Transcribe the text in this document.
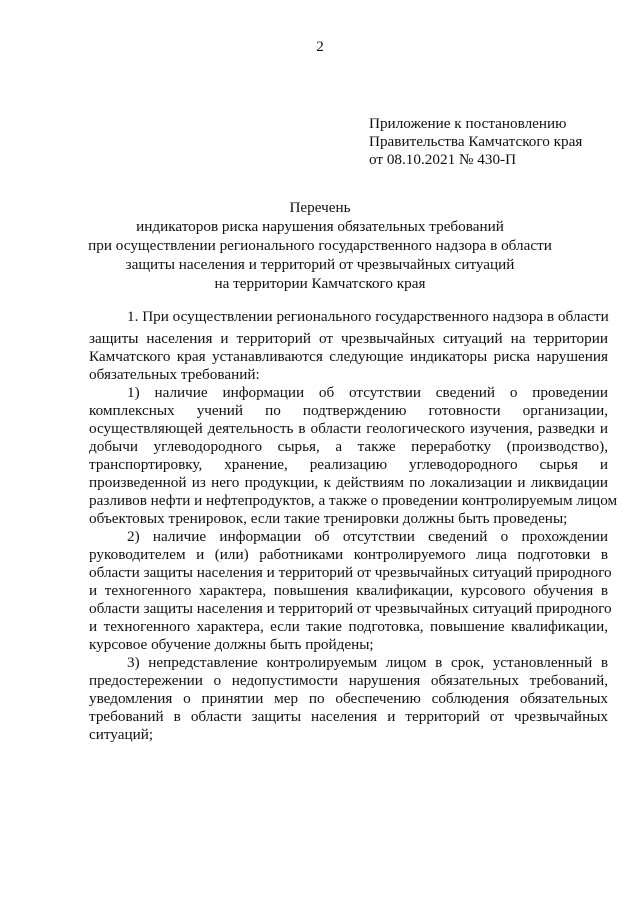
2
Приложение к постановлению
Правительства Камчатского края
от 08.10.2021 № 430-П
Перечень
индикаторов риска нарушения обязательных требований
при осуществлении регионального государственного надзора в области
защиты населения и территорий от чрезвычайных ситуаций
на территории Камчатского края
1. При осуществлении регионального государственного надзора в области
защиты населения и территорий от чрезвычайных ситуаций на территории
Камчатского края устанавливаются следующие индикаторы риска нарушения
обязательных требований:
1) наличие информации об отсутствии сведений о проведении
комплексных учений по подтверждению готовности организации,
осуществляющей деятельность в области геологического изучения, разведки и
добычи углеводородного сырья, а также переработку (производство),
транспортировку, хранение, реализацию углеводородного сырья и
произведенной из него продукции, к действиям по локализации и ликвидации
разливов нефти и нефтепродуктов, а также о проведении контролируемым лицом
объектовых тренировок, если такие тренировки должны быть проведены;
2) наличие информации об отсутствии сведений о прохождении
руководителем и (или) работниками контролируемого лица подготовки в
области защиты населения и территорий от чрезвычайных ситуаций природного
и техногенного характера, повышения квалификации, курсового обучения в
области защиты населения и территорий от чрезвычайных ситуаций природного
и техногенного характера, если такие подготовка, повышение квалификации,
курсовое обучение должны быть пройдены;
3) непредставление контролируемым лицом в срок, установленный в
предостережении о недопустимости нарушения обязательных требований,
уведомления о принятии мер по обеспечению соблюдения обязательных
требований в области защиты населения и территорий от чрезвычайных
ситуаций;
